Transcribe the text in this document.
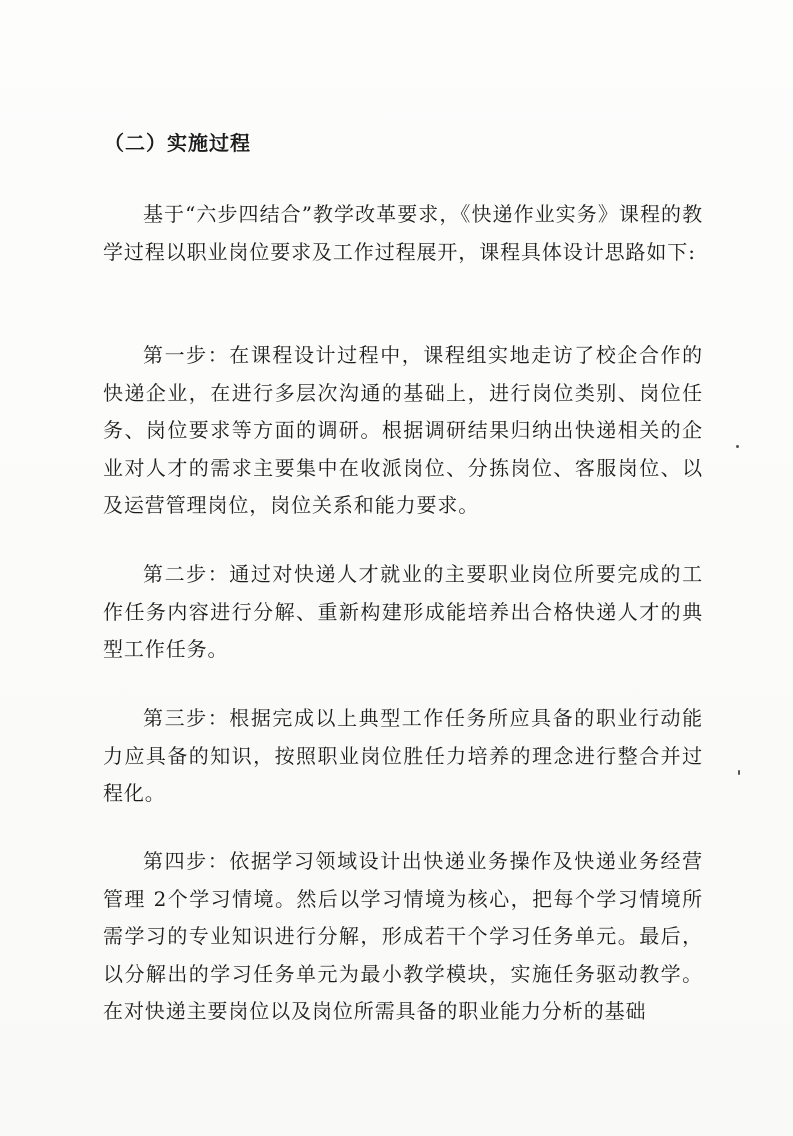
（二）实施过程

基于“六步四结合”教学改革要求，《快递作业实务》课程的教学过程以职业岗位要求及工作过程展开，课程具体设计思路如下:

第一步：在课程设计过程中，课程组实地走访了校企合作的快递企业，在进行多层次沟通的基础上，进行岗位类别、岗位任务、岗位要求等方面的调研。根据调研结果归纳出快递相关的企业对人才的需求主要集中在收派岗位、分拣岗位、客服岗位、以及运营管理岗位，岗位关系和能力要求。

第二步：通过对快递人才就业的主要职业岗位所要完成的工作任务内容进行分解、重新构建形成能培养出合格快递人才的典型工作任务。

第三步：根据完成以上典型工作任务所应具备的职业行动能力应具备的知识，按照职业岗位胜任力培养的理念进行整合并过程化。

第四步：依据学习领域设计出快递业务操作及快递业务经营管理 2个学习情境。然后以学习情境为核心，把每个学习情境所需学习的专业知识进行分解，形成若干个学习任务单元。最后，以分解出的学习任务单元为最小教学模块，实施任务驱动教学。在对快递主要岗位以及岗位所需具备的职业能力分析的基础
